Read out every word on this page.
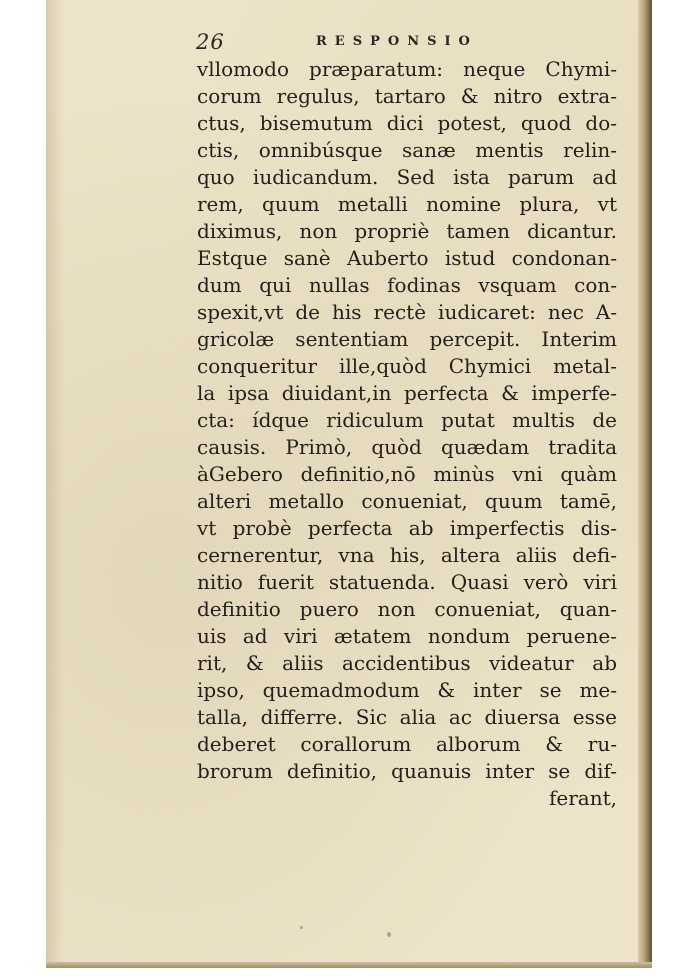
26	RESPONSIO
vllomodo præparatum: neque Chymi-
corum regulus, tartaro & nitro extra-
ctus, bisemutum dici potest, quod do-
ctis, omnibúsque sanæ mentis relin-
quo iudicandum. Sed ista parum ad
rem, quum metalli nomine plura, vt
diximus, non propriè tamen dicantur.
Estque sanè Auberto istud condonan-
dum qui nullas fodinas vsquam con-
spexit,vt de his rectè iudicaret: nec A-
gricolæ sententiam percepit. Interim
conqueritur ille,quòd Chymici metal-
la ipsa diuidant,in perfecta & imperfe-
cta: ídque ridiculum putat multis de
causis. Primò, quòd quædam tradita
àGebero definitio,nō minùs vni quàm
alteri metallo conueniat, quum tamē,
vt probè perfecta ab imperfectis dis-
cernerentur, vna his, altera aliis defi-
nitio fuerit statuenda. Quasi verò viri
definitio puero non conueniat, quan-
uis ad viri ætatem nondum peruene-
rit, & aliis accidentibus videatur ab
ipso, quemadmodum & inter se me-
talla, differre. Sic alia ac diuersa esse
deberet corallorum alborum & ru-
brorum definitio, quanuis inter se dif-
ferant,
